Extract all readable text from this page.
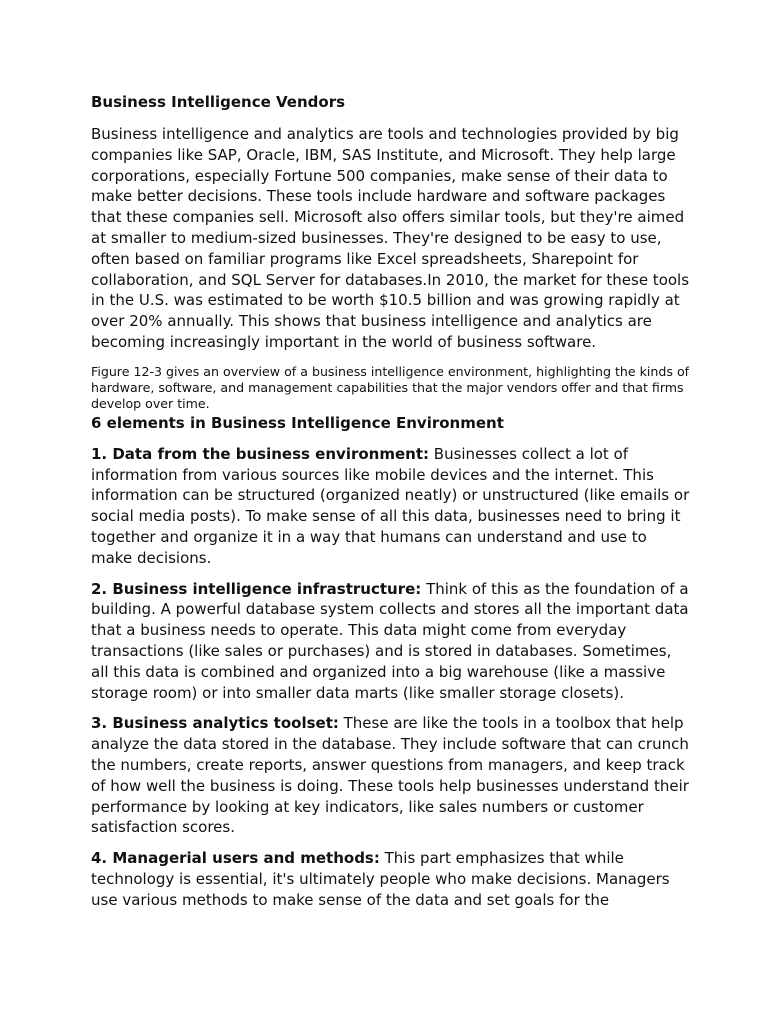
Business Intelligence Vendors
Business intelligence and analytics are tools and technologies provided by big companies like SAP, Oracle, IBM, SAS Institute, and Microsoft. They help large corporations, especially Fortune 500 companies, make sense of their data to make better decisions. These tools include hardware and software packages that these companies sell. Microsoft also offers similar tools, but they're aimed at smaller to medium-sized businesses. They're designed to be easy to use, often based on familiar programs like Excel spreadsheets, Sharepoint for collaboration, and SQL Server for databases.In 2010, the market for these tools in the U.S. was estimated to be worth $10.5 billion and was growing rapidly at over 20% annually. This shows that business intelligence and analytics are becoming increasingly important in the world of business software.
Figure 12-3 gives an overview of a business intelligence environment, highlighting the kinds of hardware, software, and management capabilities that the major vendors offer and that firms develop over time.
6 elements in Business Intelligence Environment
1. Data from the business environment: Businesses collect a lot of information from various sources like mobile devices and the internet. This information can be structured (organized neatly) or unstructured (like emails or social media posts). To make sense of all this data, businesses need to bring it together and organize it in a way that humans can understand and use to make decisions.
2. Business intelligence infrastructure: Think of this as the foundation of a building. A powerful database system collects and stores all the important data that a business needs to operate. This data might come from everyday transactions (like sales or purchases) and is stored in databases. Sometimes, all this data is combined and organized into a big warehouse (like a massive storage room) or into smaller data marts (like smaller storage closets).
3. Business analytics toolset: These are like the tools in a toolbox that help analyze the data stored in the database. They include software that can crunch the numbers, create reports, answer questions from managers, and keep track of how well the business is doing. These tools help businesses understand their performance by looking at key indicators, like sales numbers or customer satisfaction scores.
4. Managerial users and methods: This part emphasizes that while technology is essential, it's ultimately people who make decisions. Managers use various methods to make sense of the data and set goals for the
